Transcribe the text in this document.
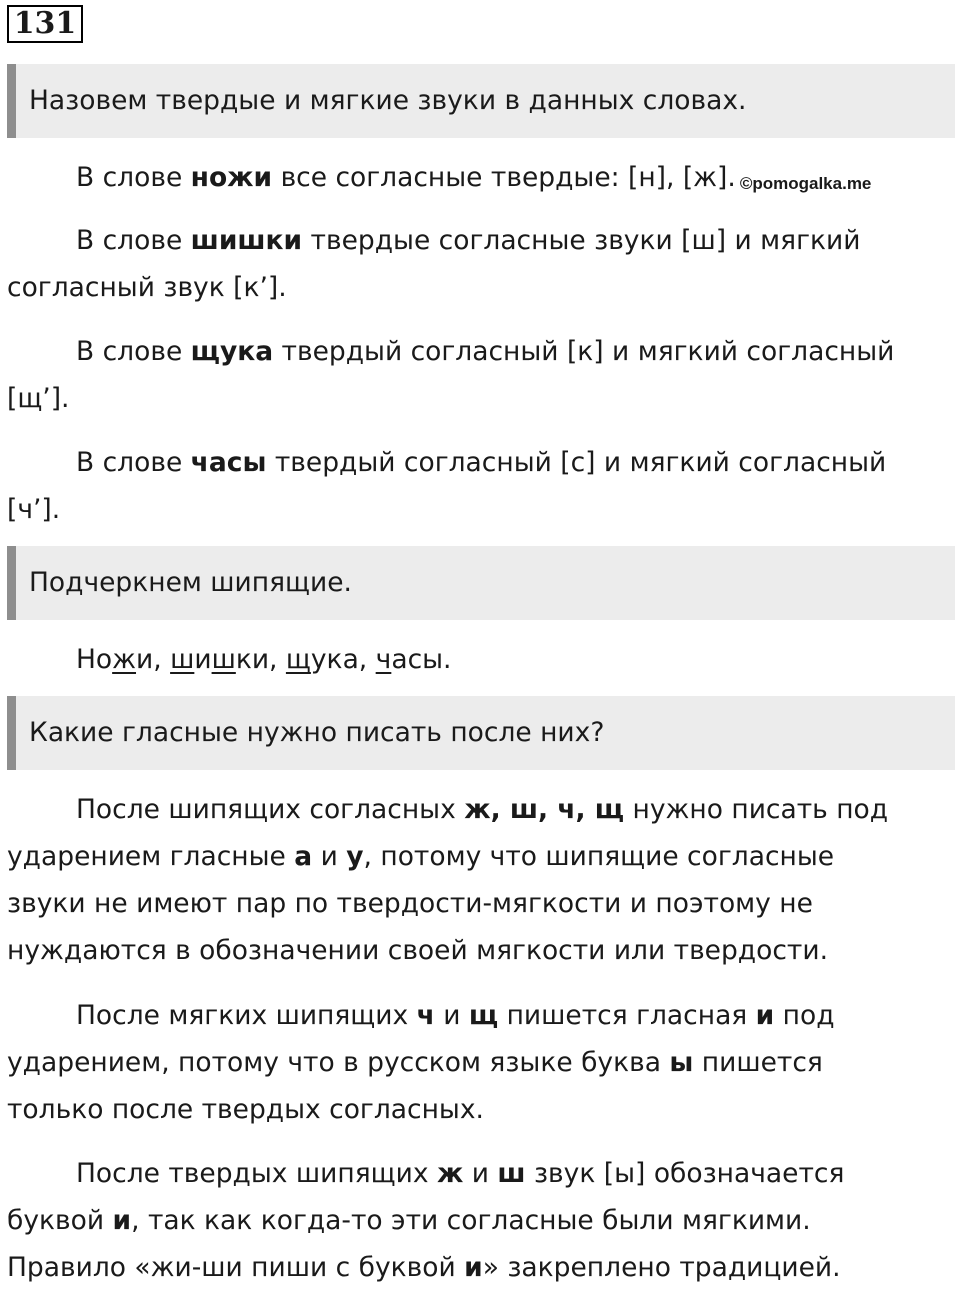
131
Назовем твердые и мягкие звуки в данных словах.
В слове ножи все согласные твердые: [н], [ж]. ©pomogalka.me
В слове шишки твердые согласные звуки [ш] и мягкий
согласный звук [к’].
В слове щука твердый согласный [к] и мягкий согласный
[щ’].
В слове часы твердый согласный [с] и мягкий согласный
[ч’].
Подчеркнем шипящие.
Ножи, шишки, щука, часы.
Какие гласные нужно писать после них?
После шипящих согласных ж, ш, ч, щ нужно писать под
ударением гласные а и у, потому что шипящие согласные
звуки не имеют пар по твердости-мягкости и поэтому не
нуждаются в обозначении своей мягкости или твердости.
После мягких шипящих ч и щ пишется гласная и под
ударением, потому что в русском языке буква ы пишется
только после твердых согласных.
После твердых шипящих ж и ш звук [ы] обозначается
буквой и, так как когда-то эти согласные были мягкими.
Правило «жи-ши пиши с буквой и» закреплено традицией.
